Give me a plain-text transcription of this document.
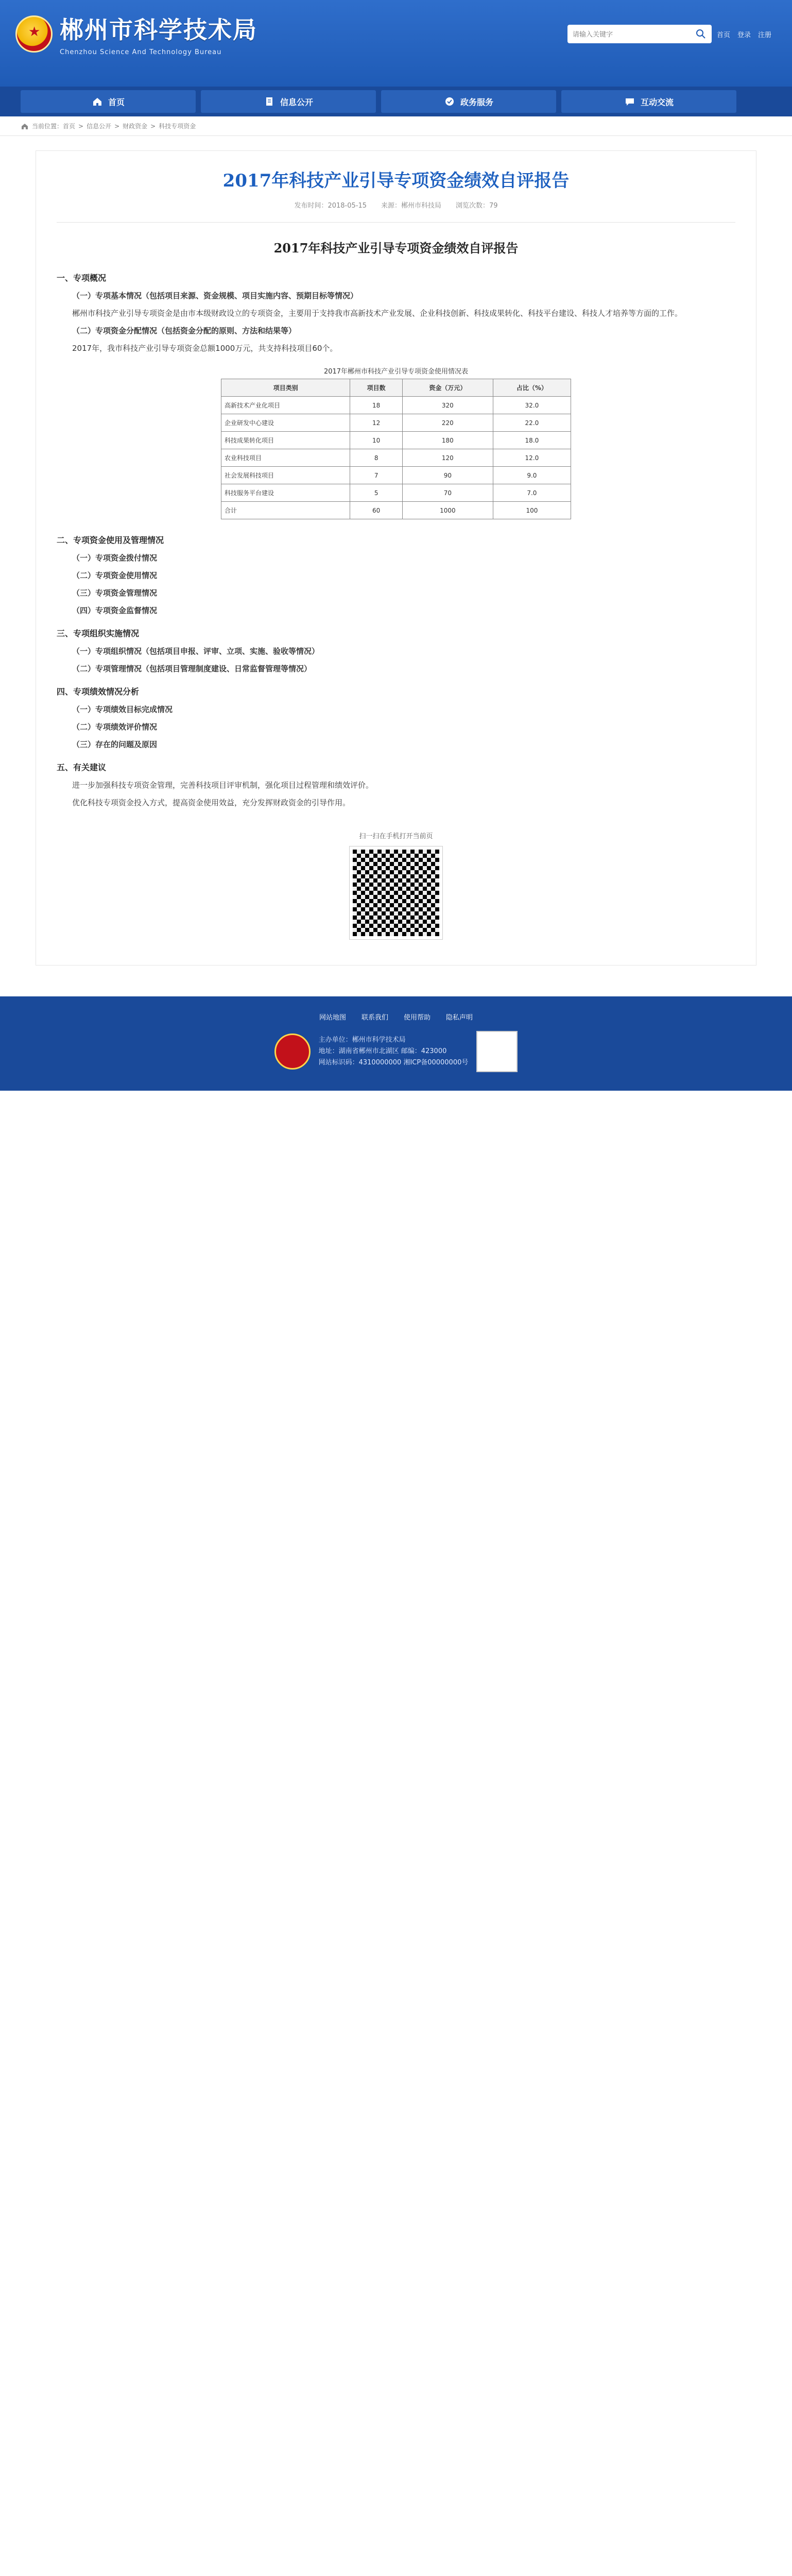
★
郴州市科学技术局
Chenzhou Science And Technology Bureau
请输入关键字
首页 登录 注册
首页	信息公开	政务服务	互动交流
当前位置：首页 > 信息公开 > 财政资金 > 科技专项资金
2017年科技产业引导专项资金绩效自评报告
发布时间：2018-05-15 来源：郴州市科技局 浏览次数：79
2017年科技产业引导专项资金绩效自评报告
一、专项概况

（一）专项基本情况（包括项目来源、资金规模、项目实施内容、预期目标等情况）

郴州市科技产业引导专项资金是由市本级财政设立的专项资金，主要用于支持我市高新技术产业发展、企业科技创新、科技成果转化、科技平台建设、科技人才培养等方面的工作。

（二）专项资金分配情况（包括资金分配的原则、方法和结果等）

2017年，我市科技产业引导专项资金总额1000万元，共支持科技项目60个。

2017年郴州市科技产业引导专项资金使用情况表
项目类别	项目数	资金（万元）	占比（%）
高新技术产业化项目	18	320	32.0
企业研发中心建设	12	220	22.0
科技成果转化项目	10	180	18.0
农业科技项目	8	120	12.0
社会发展科技项目	7	90	9.0
科技服务平台建设	5	70	7.0
合计	60	1000	100
二、专项资金使用及管理情况

（一）专项资金拨付情况

（二）专项资金使用情况

（三）专项资金管理情况

（四）专项资金监督情况

三、专项组织实施情况

（一）专项组织情况（包括项目申报、评审、立项、实施、验收等情况）

（二）专项管理情况（包括项目管理制度建设、日常监督管理等情况）

四、专项绩效情况分析

（一）专项绩效目标完成情况

（二）专项绩效评价情况

（三）存在的问题及原因

五、有关建议

进一步加强科技专项资金管理，完善科技项目评审机制，强化项目过程管理和绩效评价。

优化科技专项资金投入方式，提高资金使用效益，充分发挥财政资金的引导作用。

扫一扫在手机打开当前页
网站地图 联系我们 使用帮助 隐私声明
主办单位：郴州市科学技术局
地址：湖南省郴州市北湖区 邮编：423000
网站标识码：4310000000 湘ICP备00000000号
